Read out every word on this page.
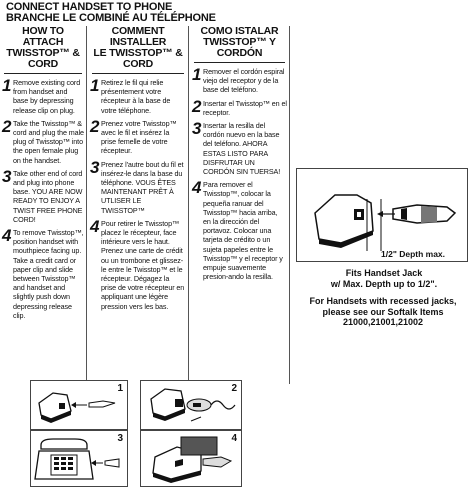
CONNECT HANDSET TO PHONE
BRANCHE LE COMBINÉ AU TÉLÉPHONE
HOW TO ATTACH
TWISSTOP™ & CORD
1 Remove existing cord from handset and base by depressing release clip on plug.
2 Take the Twisstop™ & cord and plug the male plug of Twisstop™ into the open female plug on the handset.
3 Take other end of cord and plug into phone base. YOU ARE NOW READY TO ENJOY A TWIST FREE PHONE CORD!
4 To remove Twisstop™, position handset with mouthpiece facing up. Take a credit card or paper clip and slide between Twisstop™ and handset and slightly push down depressing release clip.
COMMENT INSTALLER
LE TWISSTOP™ & CORD
1 Retirez le fil qui relie présentement votre récepteur à la base de votre téléphone.
2 Prenez votre Twisstop™ avec le fil et insérez la prise femelle de votre récepteur.
3 Prenez l'autre bout du fil et insérez-le dans la base du téléphone. VOUS ÊTES MAINTENANT PRÊT À UTLISER LE TWISSTOP™
4 Pour retirer le Twisstop™ placez le récepteur, face intérieure vers le haut. Prenez une carte de crédit ou un trombone et glissez-le entre le Twisstop™ et le récepteur. Dégagez la prise de votre récepteur en appliquant une légère pression vers les bas.
COMO ISTALAR
TWISSTOP™ Y
CORDÓN
1 Remover el cordón espiral viejo del receptor y de la base del teléfono.
2 Insertar el Twisstop™ en el receptor.
3 Insertar la resilla del cordón nuevo en la base del teléfono. AHORA ESTAS LISTO PARA DISFRUTAR UN CORDÓN SIN TUERSA!
4 Para remover el Twisstop™, colocar la pequeña ranuar del Twisstop™ hacia arriba, en la dirección del portavoz. Colocar una tarjeta de crédito o un sujeta papeles entre le Twisstop™ y el receptor y empuje suavemente presion-ando la resilla.
1/2" Depth max.
Fits Handset Jack
w/ Max. Depth up to 1/2".
For Handsets with recessed jacks,
please see our Softalk Items
21000,21001,21002
1	2
3	4
